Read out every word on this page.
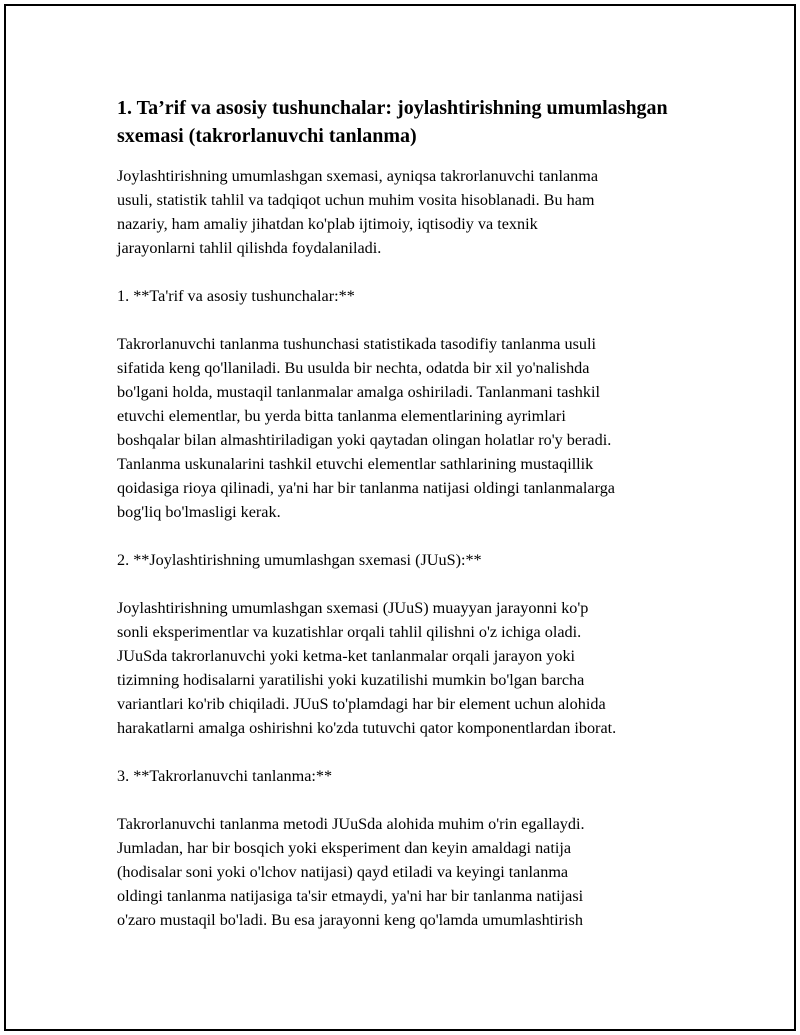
1. Ta’rif va asosiy tushunchalar: joylashtirishning umumlashgan sxemasi (takrorlanuvchi tanlanma)

Joylashtirishning umumlashgan sxemasi, ayniqsa takrorlanuvchi tanlanma
usuli, statistik tahlil va tadqiqot uchun muhim vosita hisoblanadi. Bu ham
nazariy, ham amaliy jihatdan ko'plab ijtimoiy, iqtisodiy va texnik
jarayonlarni tahlil qilishda foydalaniladi.

1. **Ta'rif va asosiy tushunchalar:**

Takrorlanuvchi tanlanma tushunchasi statistikada tasodifiy tanlanma usuli
sifatida keng qo'llaniladi. Bu usulda bir nechta, odatda bir xil yo'nalishda
bo'lgani holda, mustaqil tanlanmalar amalga oshiriladi. Tanlanmani tashkil
etuvchi elementlar, bu yerda bitta tanlanma elementlarining ayrimlari
boshqalar bilan almashtiriladigan yoki qaytadan olingan holatlar ro'y beradi.
Tanlanma uskunalarini tashkil etuvchi elementlar sathlarining mustaqillik
qoidasiga rioya qilinadi, ya'ni har bir tanlanma natijasi oldingi tanlanmalarga
bog'liq bo'lmasligi kerak.

2. **Joylashtirishning umumlashgan sxemasi (JUuS):**

Joylashtirishning umumlashgan sxemasi (JUuS) muayyan jarayonni ko'p
sonli eksperimentlar va kuzatishlar orqali tahlil qilishni o'z ichiga oladi.
JUuSda takrorlanuvchi yoki ketma-ket tanlanmalar orqali jarayon yoki
tizimning hodisalarni yaratilishi yoki kuzatilishi mumkin bo'lgan barcha
variantlari ko'rib chiqiladi. JUuS to'plamdagi har bir element uchun alohida
harakatlarni amalga oshirishni ko'zda tutuvchi qator komponentlardan iborat.

3. **Takrorlanuvchi tanlanma:**

Takrorlanuvchi tanlanma metodi JUuSda alohida muhim o'rin egallaydi.
Jumladan, har bir bosqich yoki eksperiment dan keyin amaldagi natija
(hodisalar soni yoki o'lchov natijasi) qayd etiladi va keyingi tanlanma
oldingi tanlanma natijasiga ta'sir etmaydi, ya'ni har bir tanlanma natijasi
o'zaro mustaqil bo'ladi. Bu esa jarayonni keng qo'lamda umumlashtirish
